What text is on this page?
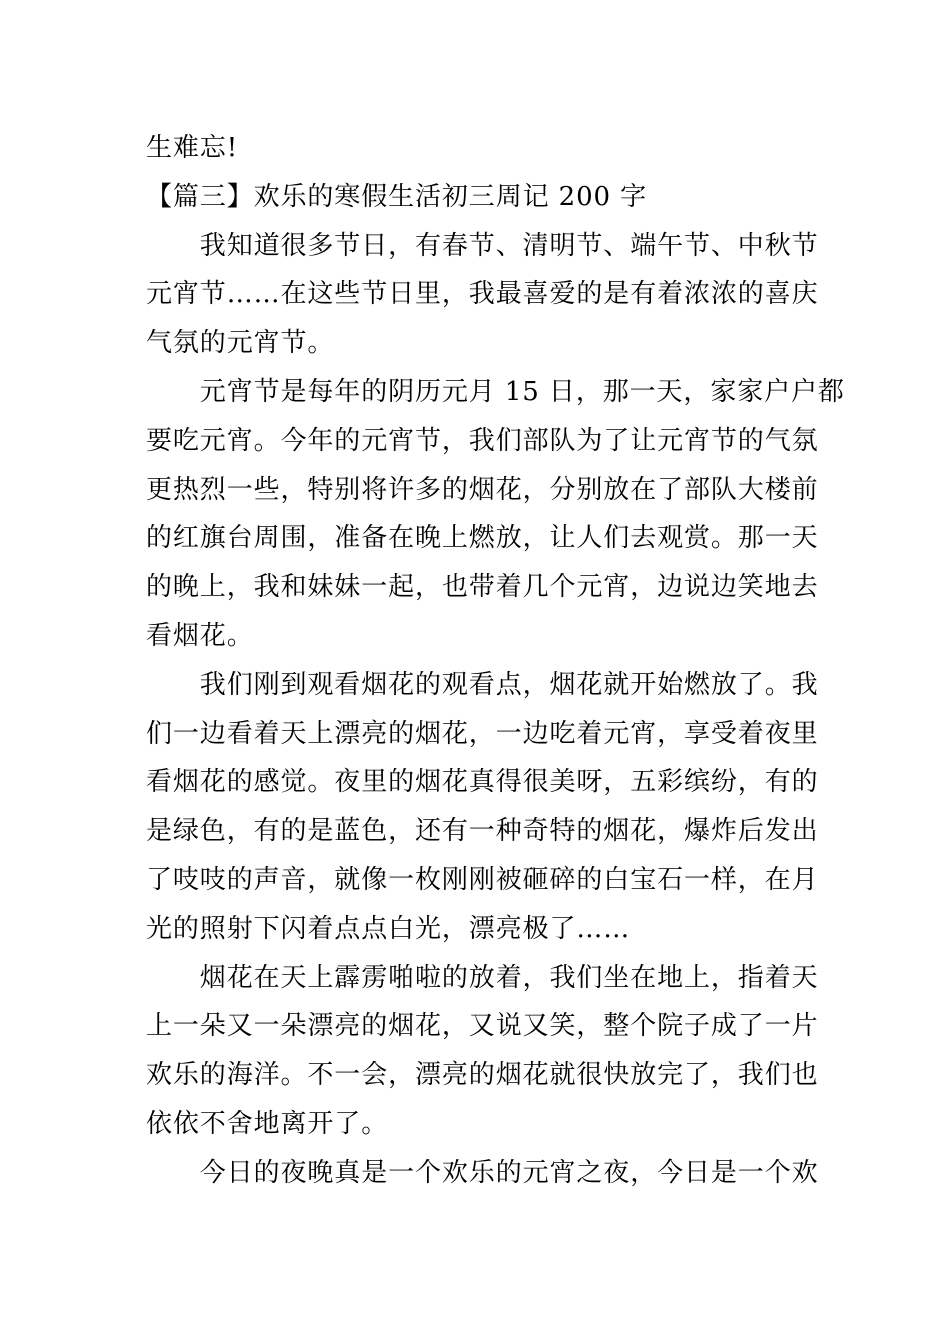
生难忘!

【篇三】欢乐的寒假生活初三周记 200 字

　　我知道很多节日，有春节、清明节、端午节、中秋节

元宵节……在这些节日里，我最喜爱的是有着浓浓的喜庆

气氛的元宵节。

　　元宵节是每年的阴历元月 15 日，那一天，家家户户都

要吃元宵。今年的元宵节，我们部队为了让元宵节的气氛

更热烈一些，特别将许多的烟花，分别放在了部队大楼前

的红旗台周围，准备在晚上燃放，让人们去观赏。那一天

的晚上，我和妹妹一起，也带着几个元宵，边说边笑地去

看烟花。

　　我们刚到观看烟花的观看点，烟花就开始燃放了。我

们一边看着天上漂亮的烟花，一边吃着元宵，享受着夜里

看烟花的感觉。夜里的烟花真得很美呀，五彩缤纷，有的

是绿色，有的是蓝色，还有一种奇特的烟花，爆炸后发出

了吱吱的声音，就像一枚刚刚被砸碎的白宝石一样，在月

光的照射下闪着点点白光，漂亮极了……

　　烟花在天上霹雳啪啦的放着，我们坐在地上，指着天

上一朵又一朵漂亮的烟花，又说又笑，整个院子成了一片

欢乐的海洋。不一会，漂亮的烟花就很快放完了，我们也

依依不舍地离开了。

　　今日的夜晚真是一个欢乐的元宵之夜，今日是一个欢
